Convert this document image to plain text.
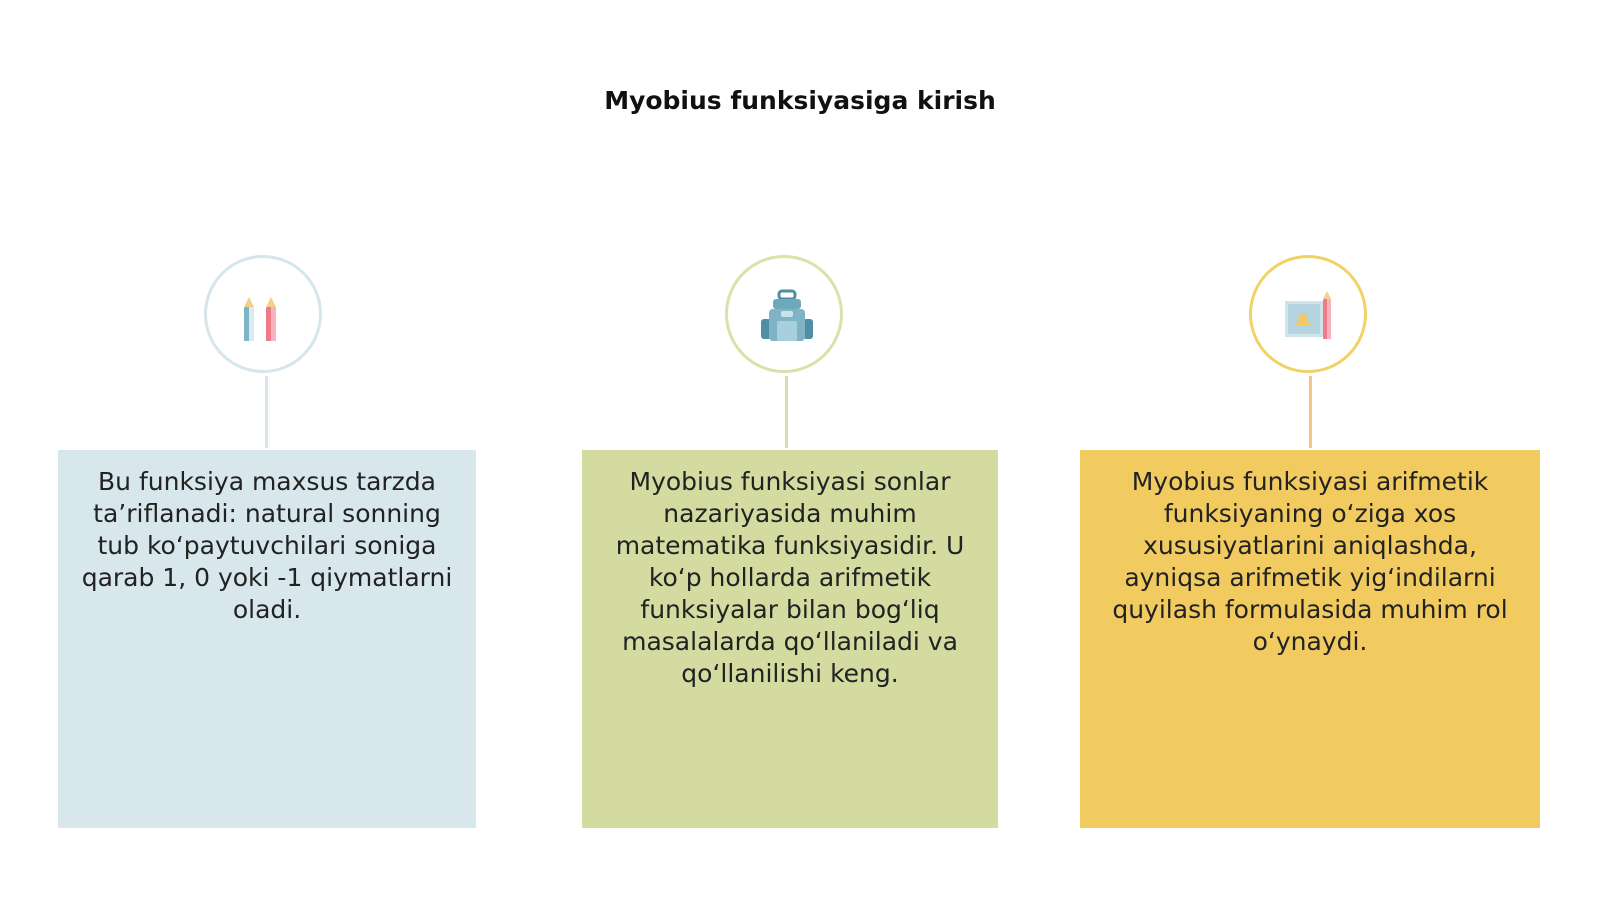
Myobius funksiyasiga kirish
Bu funksiya maxsus tarzda ta’riflanadi: natural sonning tub ko‘paytuvchilari soniga qarab 1, 0 yoki -1 qiymatlarni oladi.
Myobius funksiyasi sonlar nazariyasida muhim matematika funksiyasidir. U ko‘p hollarda arifmetik funksiyalar bilan bog‘liq masalalarda qo‘llaniladi va qo‘llanilishi keng.
Myobius funksiyasi arifmetik funksiyaning o‘ziga xos xususiyatlarini aniqlashda, ayniqsa arifmetik yig‘indilarni quyilash formulasida muhim rol o‘ynaydi.
